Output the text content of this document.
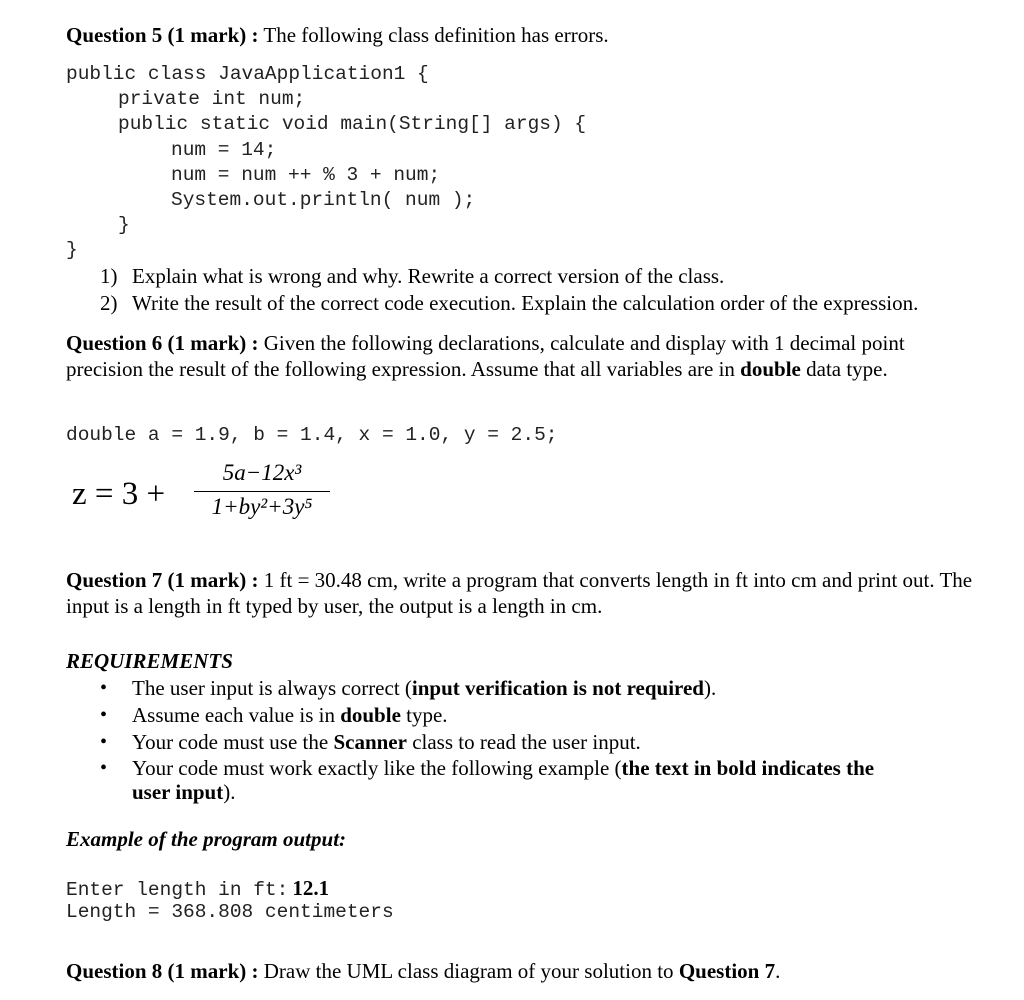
Question 5 (1 mark) : The following class definition has errors.
public class JavaApplication1 {
private int num;
public static void main(String[] args) {
num = 14;
num = num ++ % 3 + num;
System.out.println( num );
}
}
1) Explain what is wrong and why. Rewrite a correct version of the class.
2) Write the result of the correct code execution. Explain the calculation order of the expression.
Question 6 (1 mark) : Given the following declarations, calculate and display with 1 decimal point
precision the result of the following expression. Assume that all variables are in double data type.
double a = 1.9, b = 1.4, x = 1.0, y = 2.5;
z = 3 +
5a−12x³
1+by²+3y⁵
Question 7 (1 mark) : 1 ft = 30.48 cm, write a program that converts length in ft into cm and print out. The
input is a length in ft typed by user, the output is a length in cm.
REQUIREMENTS
• The user input is always correct (input verification is not required).
• Assume each value is in double type.
• Your code must use the Scanner class to read the user input.
• Your code must work exactly like the following example (the text in bold indicates the
user input).
Example of the program output:
Enter length in ft: 12.1
Length = 368.808 centimeters
Question 8 (1 mark) : Draw the UML class diagram of your solution to Question 7.
